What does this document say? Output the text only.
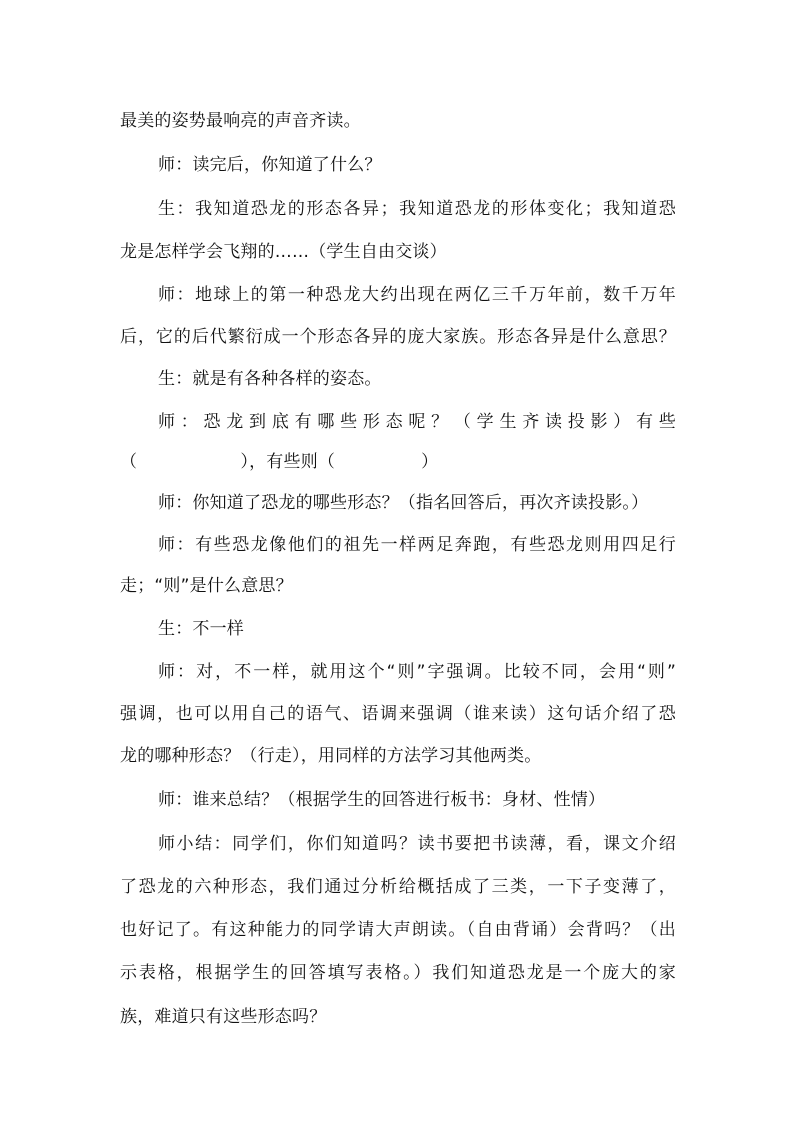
最美的姿势最响亮的声音齐读。
师：读完后，你知道了什么？
生：我知道恐龙的形态各异；我知道恐龙的形体变化；我知道恐
龙是怎样学会飞翔的……（学生自由交谈）
师：地球上的第一种恐龙大约出现在两亿三千万年前，数千万年
后，它的后代繁衍成一个形态各异的庞大家族。形态各异是什么意思？
生：就是有各种各样的姿态。
师：恐龙到底有哪些形态呢？（学生齐读投影）有些
（　　　　　　），有些则（　　　　　）
师：你知道了恐龙的哪些形态？（指名回答后，再次齐读投影。）
师：有些恐龙像他们的祖先一样两足奔跑，有些恐龙则用四足行
走；“则”是什么意思？
生：不一样
师：对，不一样，就用这个“则”字强调。比较不同，会用“则”
强调，也可以用自己的语气、语调来强调（谁来读）这句话介绍了恐
龙的哪种形态？（行走），用同样的方法学习其他两类。
师：谁来总结？（根据学生的回答进行板书：身材、性情）
师小结：同学们，你们知道吗？读书要把书读薄，看，课文介绍
了恐龙的六种形态，我们通过分析给概括成了三类，一下子变薄了，
也好记了。有这种能力的同学请大声朗读。（自由背诵）会背吗？（出
示表格，根据学生的回答填写表格。）我们知道恐龙是一个庞大的家
族，难道只有这些形态吗？
